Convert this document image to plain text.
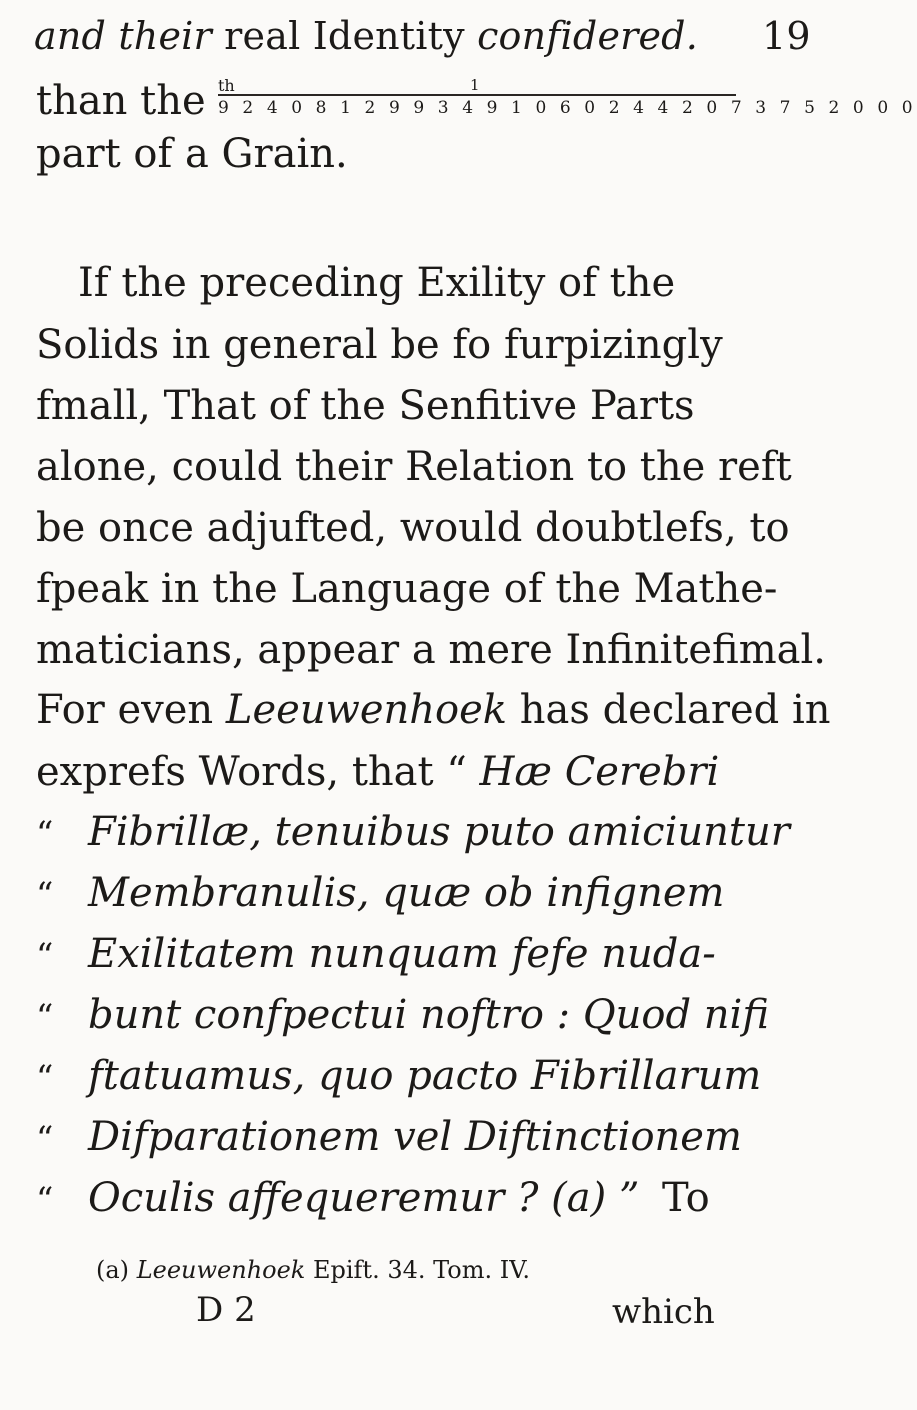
and their real Identity confidered. 19
than the	1
9 2 4 0 8 1 2 9 9 3 4 9 1 0 6 0 2 4 4 2 0 7 3 7 5 2 0 0 0
th
part of a Grain.
If the preceding Exility of the
Solids in general be fo furpizingly
fmall, That of the Senfitive Parts
alone, could their Relation to the reft
be once adjufted, would doubtlefs, to
fpeak in the Language of the Mathe-
maticians, appear a mere Infinitefimal.
For even Leeuwenhoek has declared in
exprefs Words, that “ Hæ Cerebri
“ Fibrillæ, tenuibus puto amiciuntur
“ Membranulis, quæ ob infignem
“ Exilitatem nunquam fefe nuda-
“ bunt confpectui noftro : Quod nifi
“ ftatuamus, quo pacto Fibrillarum
“ Difparationem vel Diftinctionem
“ Oculis affequeremur ? (a) ” To
(a) Leeuwenhoek Epift. 34. Tom. IV.
D 2	which
